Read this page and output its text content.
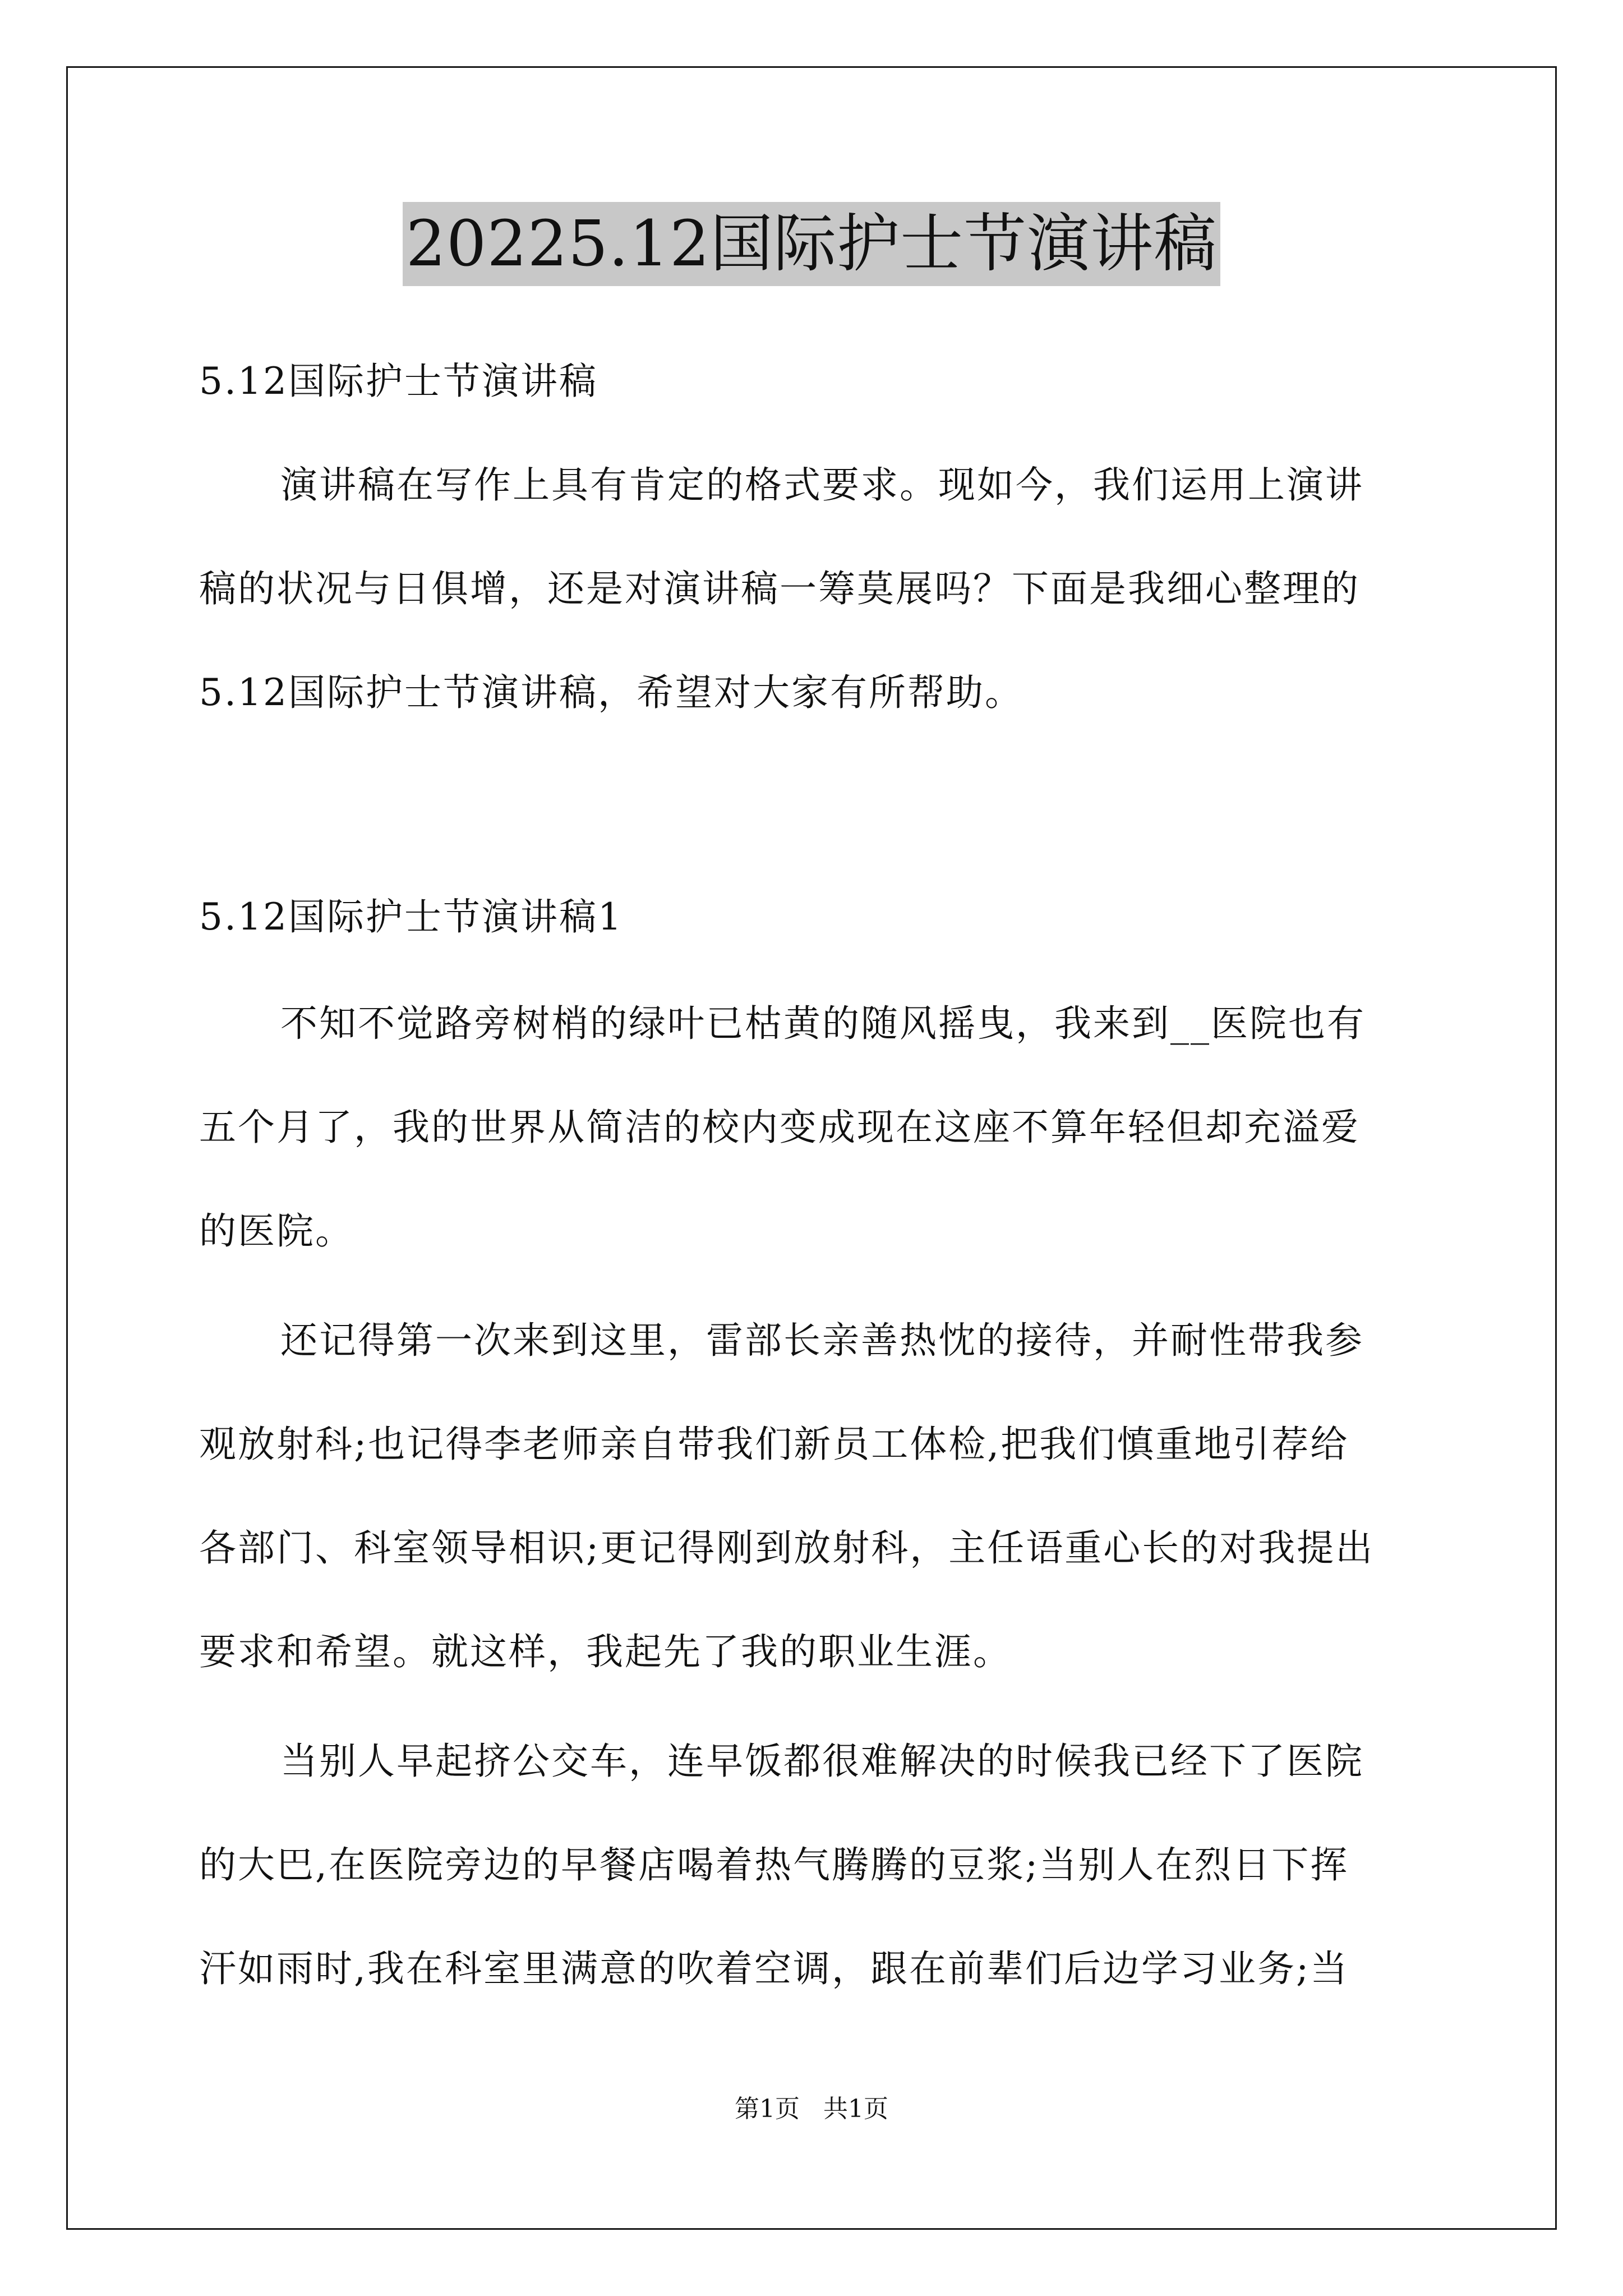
20225.12国际护士节演讲稿
5.12国际护士节演讲稿
演讲稿在写作上具有肯定的格式要求。现如今，我们运用上演讲
稿的状况与日俱增，还是对演讲稿一筹莫展吗？下面是我细心整理的
5.12国际护士节演讲稿，希望对大家有所帮助。
5.12国际护士节演讲稿1
不知不觉路旁树梢的绿叶已枯黄的随风摇曳，我来到__医院也有
五个月了，我的世界从简洁的校内变成现在这座不算年轻但却充溢爱
的医院。
还记得第一次来到这里，雷部长亲善热忱的接待，并耐性带我参
观放射科;也记得李老师亲自带我们新员工体检,把我们慎重地引荐给
各部门、科室领导相识;更记得刚到放射科，主任语重心长的对我提出
要求和希望。就这样，我起先了我的职业生涯。
当别人早起挤公交车，连早饭都很难解决的时候我已经下了医院
的大巴,在医院旁边的早餐店喝着热气腾腾的豆浆;当别人在烈日下挥
汗如雨时,我在科室里满意的吹着空调，跟在前辈们后边学习业务;当
第1页 共1页
